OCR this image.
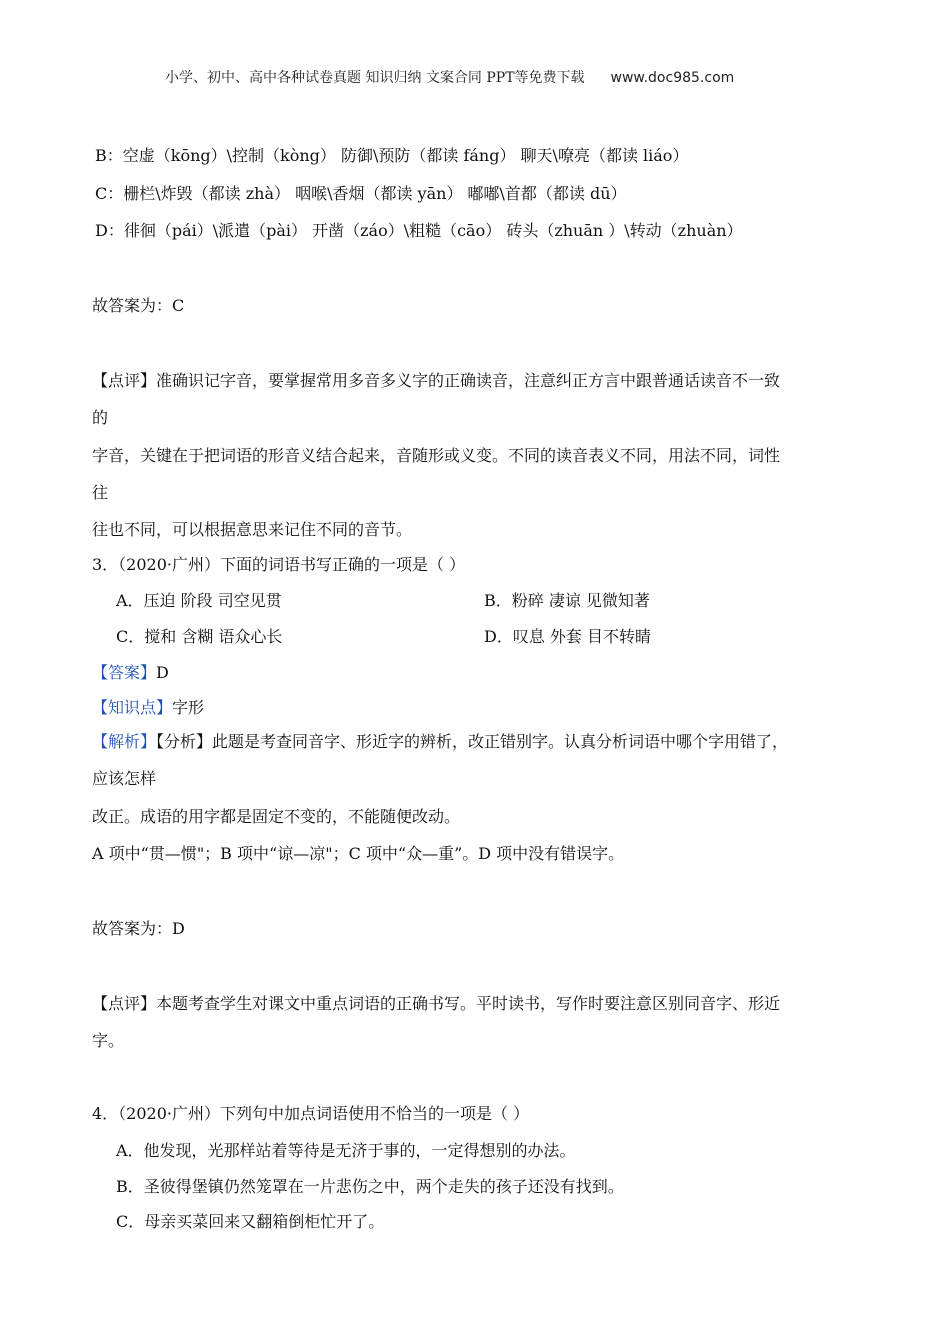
小学、初中、高中各种试卷真题 知识归纳 文案合同 PPT等免费下载 www.doc985.com
B：空虚（kōng）\控制（kòng） 防御\预防（都读 fáng） 聊天\嘹亮（都读 liáo）
C：栅栏\炸毁（都读 zhà） 咽喉\香烟（都读 yān） 嘟嘟\首都（都读 dū）
D：徘徊（pái）\派遣（pài） 开凿（záo）\粗糙（cāo） 砖头（zhuān ）\转动（zhuàn）
故答案为：C
【点评】准确识记字音，要掌握常用多音多义字的正确读音，注意纠正方言中跟普通话读音不一致
的
字音，关键在于把词语的形音义结合起来，音随形或义变。不同的读音表义不同，用法不同，词性
往
往也不同，可以根据意思来记住不同的音节。
3．（2020·广州）下面的词语书写正确的一项是（ ）
A．压迫 阶段 司空见贯	B．粉碎 凄谅 见微知著
C．搅和 含糊 语众心长	D．叹息 外套 目不转睛
【答案】D
【知识点】字形
【解析】【分析】此题是考查同音字、形近字的辨析，改正错别字。认真分析词语中哪个字用错了，
应该怎样
改正。成语的用字都是固定不变的，不能随便改动。
A 项中“贯—惯"；B 项中“谅—凉"；C 项中“众—重”。D 项中没有错误字。
故答案为：D
【点评】本题考查学生对课文中重点词语的正确书写。平时读书，写作时要注意区别同音字、形近
字。
4．（2020·广州）下列句中加点词语使用不恰当的一项是（ ）
A．他发现，光那样站着等待是无济于事的，一定得想别的办法。
B．圣彼得堡镇仍然笼罩在一片悲伤之中，两个走失的孩子还没有找到。
C．母亲买菜回来又翻箱倒柜忙开了。
